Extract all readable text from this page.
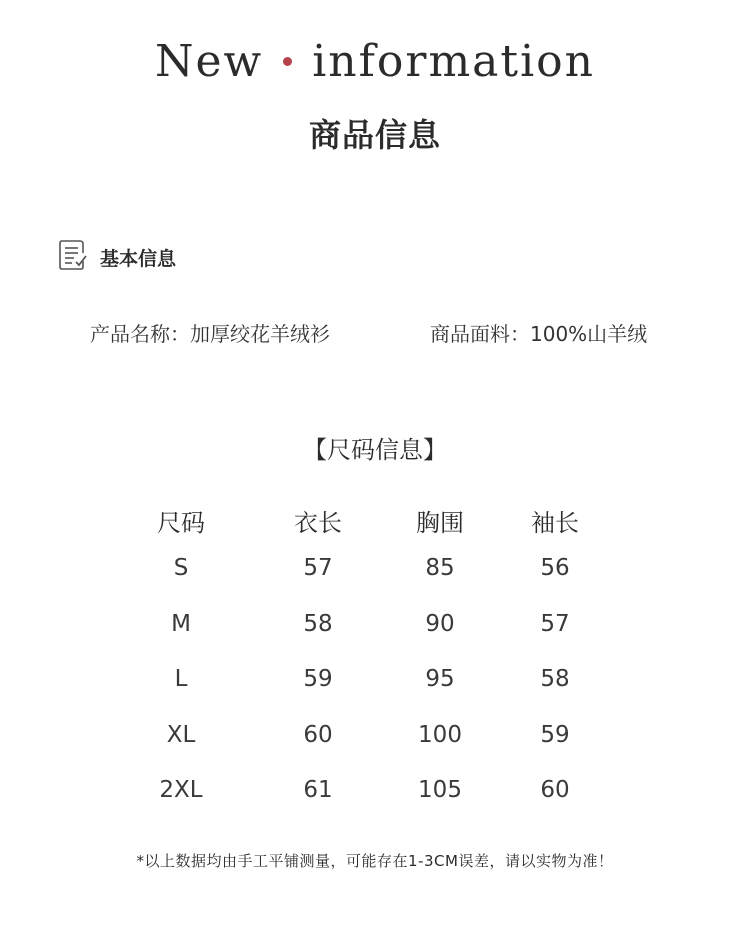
New information
商品信息
基本信息
产品名称：加厚绞花羊绒衫	商品面料：100%山羊绒
【尺码信息】
尺码	衣长	胸围	袖长
S	57	85	56
M	58	90	57
L	59	95	58
XL	60	100	59
2XL	61	105	60
*以上数据均由手工平铺测量，可能存在1-3CM误差，请以实物为准！
